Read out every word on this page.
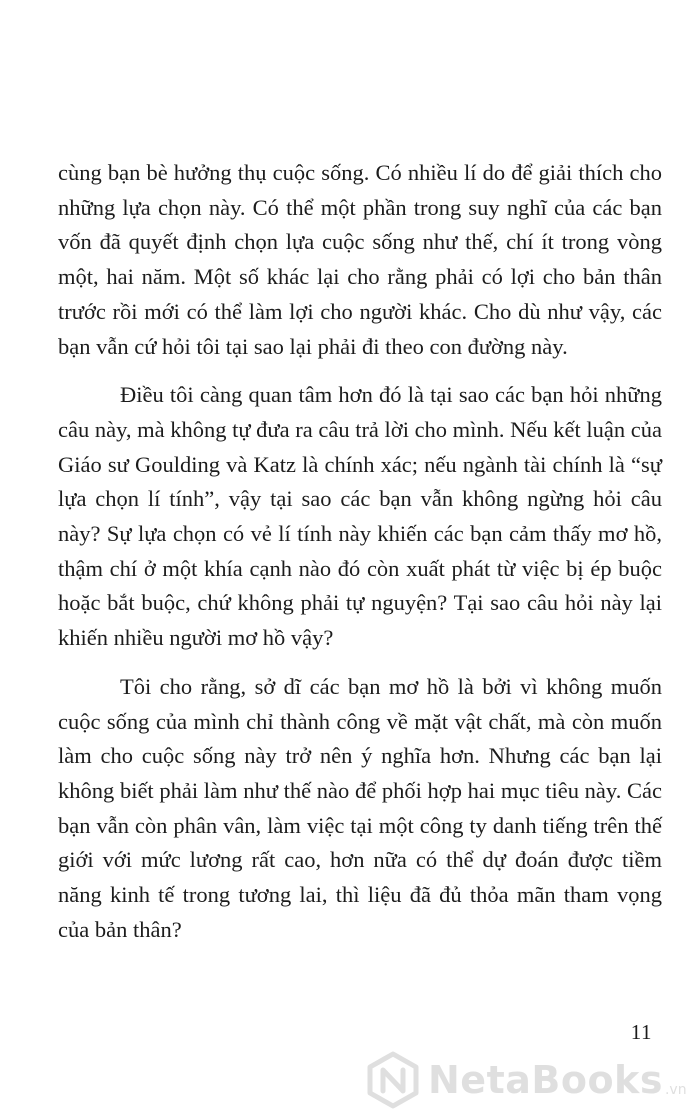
cùng bạn bè hưởng thụ cuộc sống. Có nhiều lí do để giải thích cho những lựa chọn này. Có thể một phần trong suy nghĩ của các bạn vốn đã quyết định chọn lựa cuộc sống như thế, chí ít trong vòng một, hai năm. Một số khác lại cho rằng phải có lợi cho bản thân trước rồi mới có thể làm lợi cho người khác. Cho dù như vậy, các bạn vẫn cứ hỏi tôi tại sao lại phải đi theo con đường này.

Điều tôi càng quan tâm hơn đó là tại sao các bạn hỏi những câu này, mà không tự đưa ra câu trả lời cho mình. Nếu kết luận của Giáo sư Goulding và Katz là chính xác; nếu ngành tài chính là “sự lựa chọn lí tính”, vậy tại sao các bạn vẫn không ngừng hỏi câu này? Sự lựa chọn có vẻ lí tính này khiến các bạn cảm thấy mơ hồ, thậm chí ở một khía cạnh nào đó còn xuất phát từ việc bị ép buộc hoặc bắt buộc, chứ không phải tự nguyện? Tại sao câu hỏi này lại khiến nhiều người mơ hồ vậy?

Tôi cho rằng, sở dĩ các bạn mơ hồ là bởi vì không muốn cuộc sống của mình chỉ thành công về mặt vật chất, mà còn muốn làm cho cuộc sống này trở nên ý nghĩa hơn. Nhưng các bạn lại không biết phải làm như thế nào để phối hợp hai mục tiêu này. Các bạn vẫn còn phân vân, làm việc tại một công ty danh tiếng trên thế giới với mức lương rất cao, hơn nữa có thể dự đoán được tiềm năng kinh tế trong tương lai, thì liệu đã đủ thỏa mãn tham vọng của bản thân?

11
NetaBooks .vn
